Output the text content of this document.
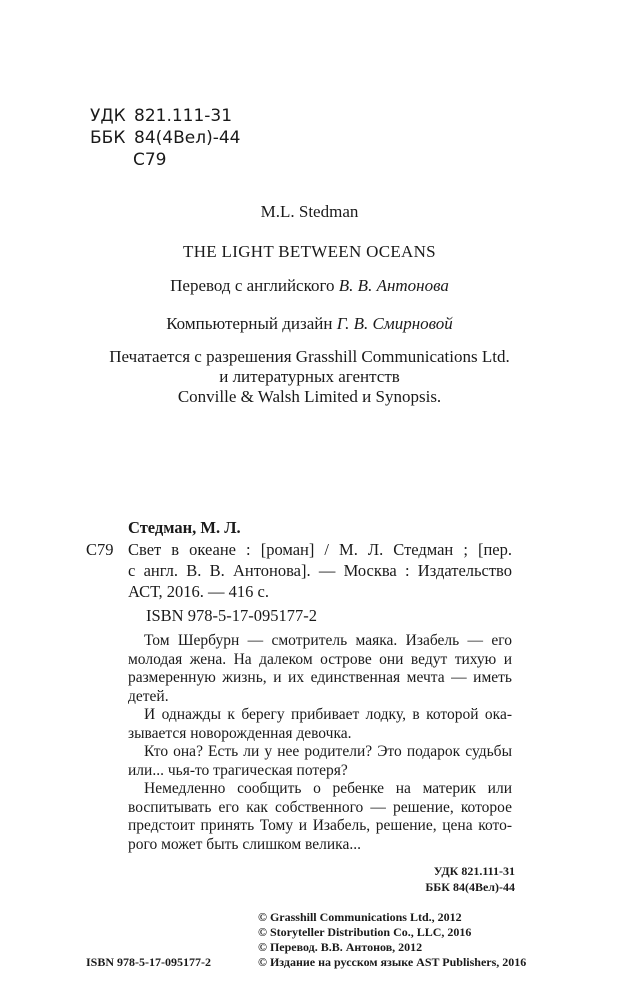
УДК 821.111-31
ББК 84(4Вел)-44
С79
M.L. Stedman
THE LIGHT BETWEEN OCEANS
Перевод с английского В. В. Антонова
Компьютерный дизайн Г. В. Смирновой
Печатается с разрешения Grasshill Communications Ltd.
и литературных агентств
Conville & Walsh Limited и Synopsis.
Стедман, М. Л.
С79 Свет в океане : [роман] / М. Л. Стедман ; [пер.
с англ. В. В. Антонова]. — Москва : Издательство
АСТ, 2016. — 416 с.
ISBN 978-5-17-095177-2

Том Шербурн — смотритель маяка. Изабель — его
молодая жена. На далеком острове они ведут тихую и
размеренную жизнь, и их единственная мечта — иметь
детей.

И однажды к берегу прибивает лодку, в которой ока-
зывается новорожденная девочка.

Кто она? Есть ли у нее родители? Это подарок судьбы
или... чья-то трагическая потеря?

Немедленно сообщить о ребенке на материк или
воспитывать его как собственного — решение, которое
предстоит принять Тому и Изабель, решение, цена кото-
рого может быть слишком велика...

УДК 821.111-31
ББК 84(4Вел)-44
© Grasshill Communications Ltd., 2012
© Storyteller Distribution Co., LLC, 2016
© Перевод. В.В. Антонов, 2012
© Издание на русском языке AST Publishers, 2016
ISBN 978-5-17-095177-2
